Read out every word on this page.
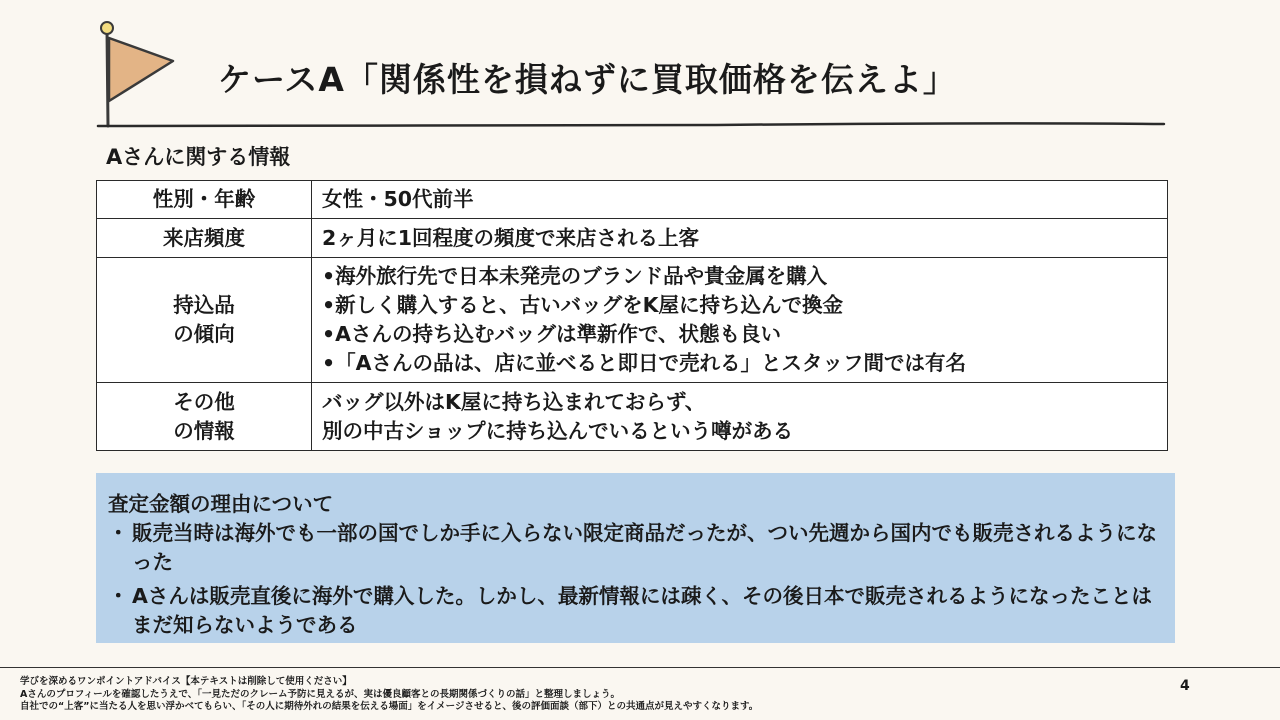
ケースA「関係性を損ねずに買取価格を伝えよ」
Aさんに関する情報
性別・年齢	女性・50代前半

来店頻度	2ヶ月に1回程度の頻度で来店される上客

持込品
の傾向	•海外旅行先で日本未発売のブランド品や貴金属を購入
•新しく購入すると、古いバッグをK屋に持ち込んで換金
•Aさんの持ち込むバッグは準新作で、状態も良い
•「Aさんの品は、店に並べると即日で売れる」とスタッフ間では有名

その他
の情報	バッグ以外はK屋に持ち込まれておらず、
別の中古ショップに持ち込んでいるという噂がある
査定金額の理由について
・ 販売当時は海外でも一部の国でしか手に入らない限定商品だったが、つい先週から国内でも販売されるようになった
・ Aさんは販売直後に海外で購入した。しかし、最新情報には疎く、その後日本で販売されるようになったことはまだ知らないようである
学びを深めるワンポイントアドバイス【本テキストは削除して使用ください】
Aさんのプロフィールを確認したうえで、「一見ただのクレーム予防に見えるが、実は優良顧客との長期関係づくりの話」と整理しましょう。
自社での“上客”に当たる人を思い浮かべてもらい、「その人に期待外れの結果を伝える場面」をイメージさせると、後の評価面談（部下）との共通点が見えやすくなります。
4
